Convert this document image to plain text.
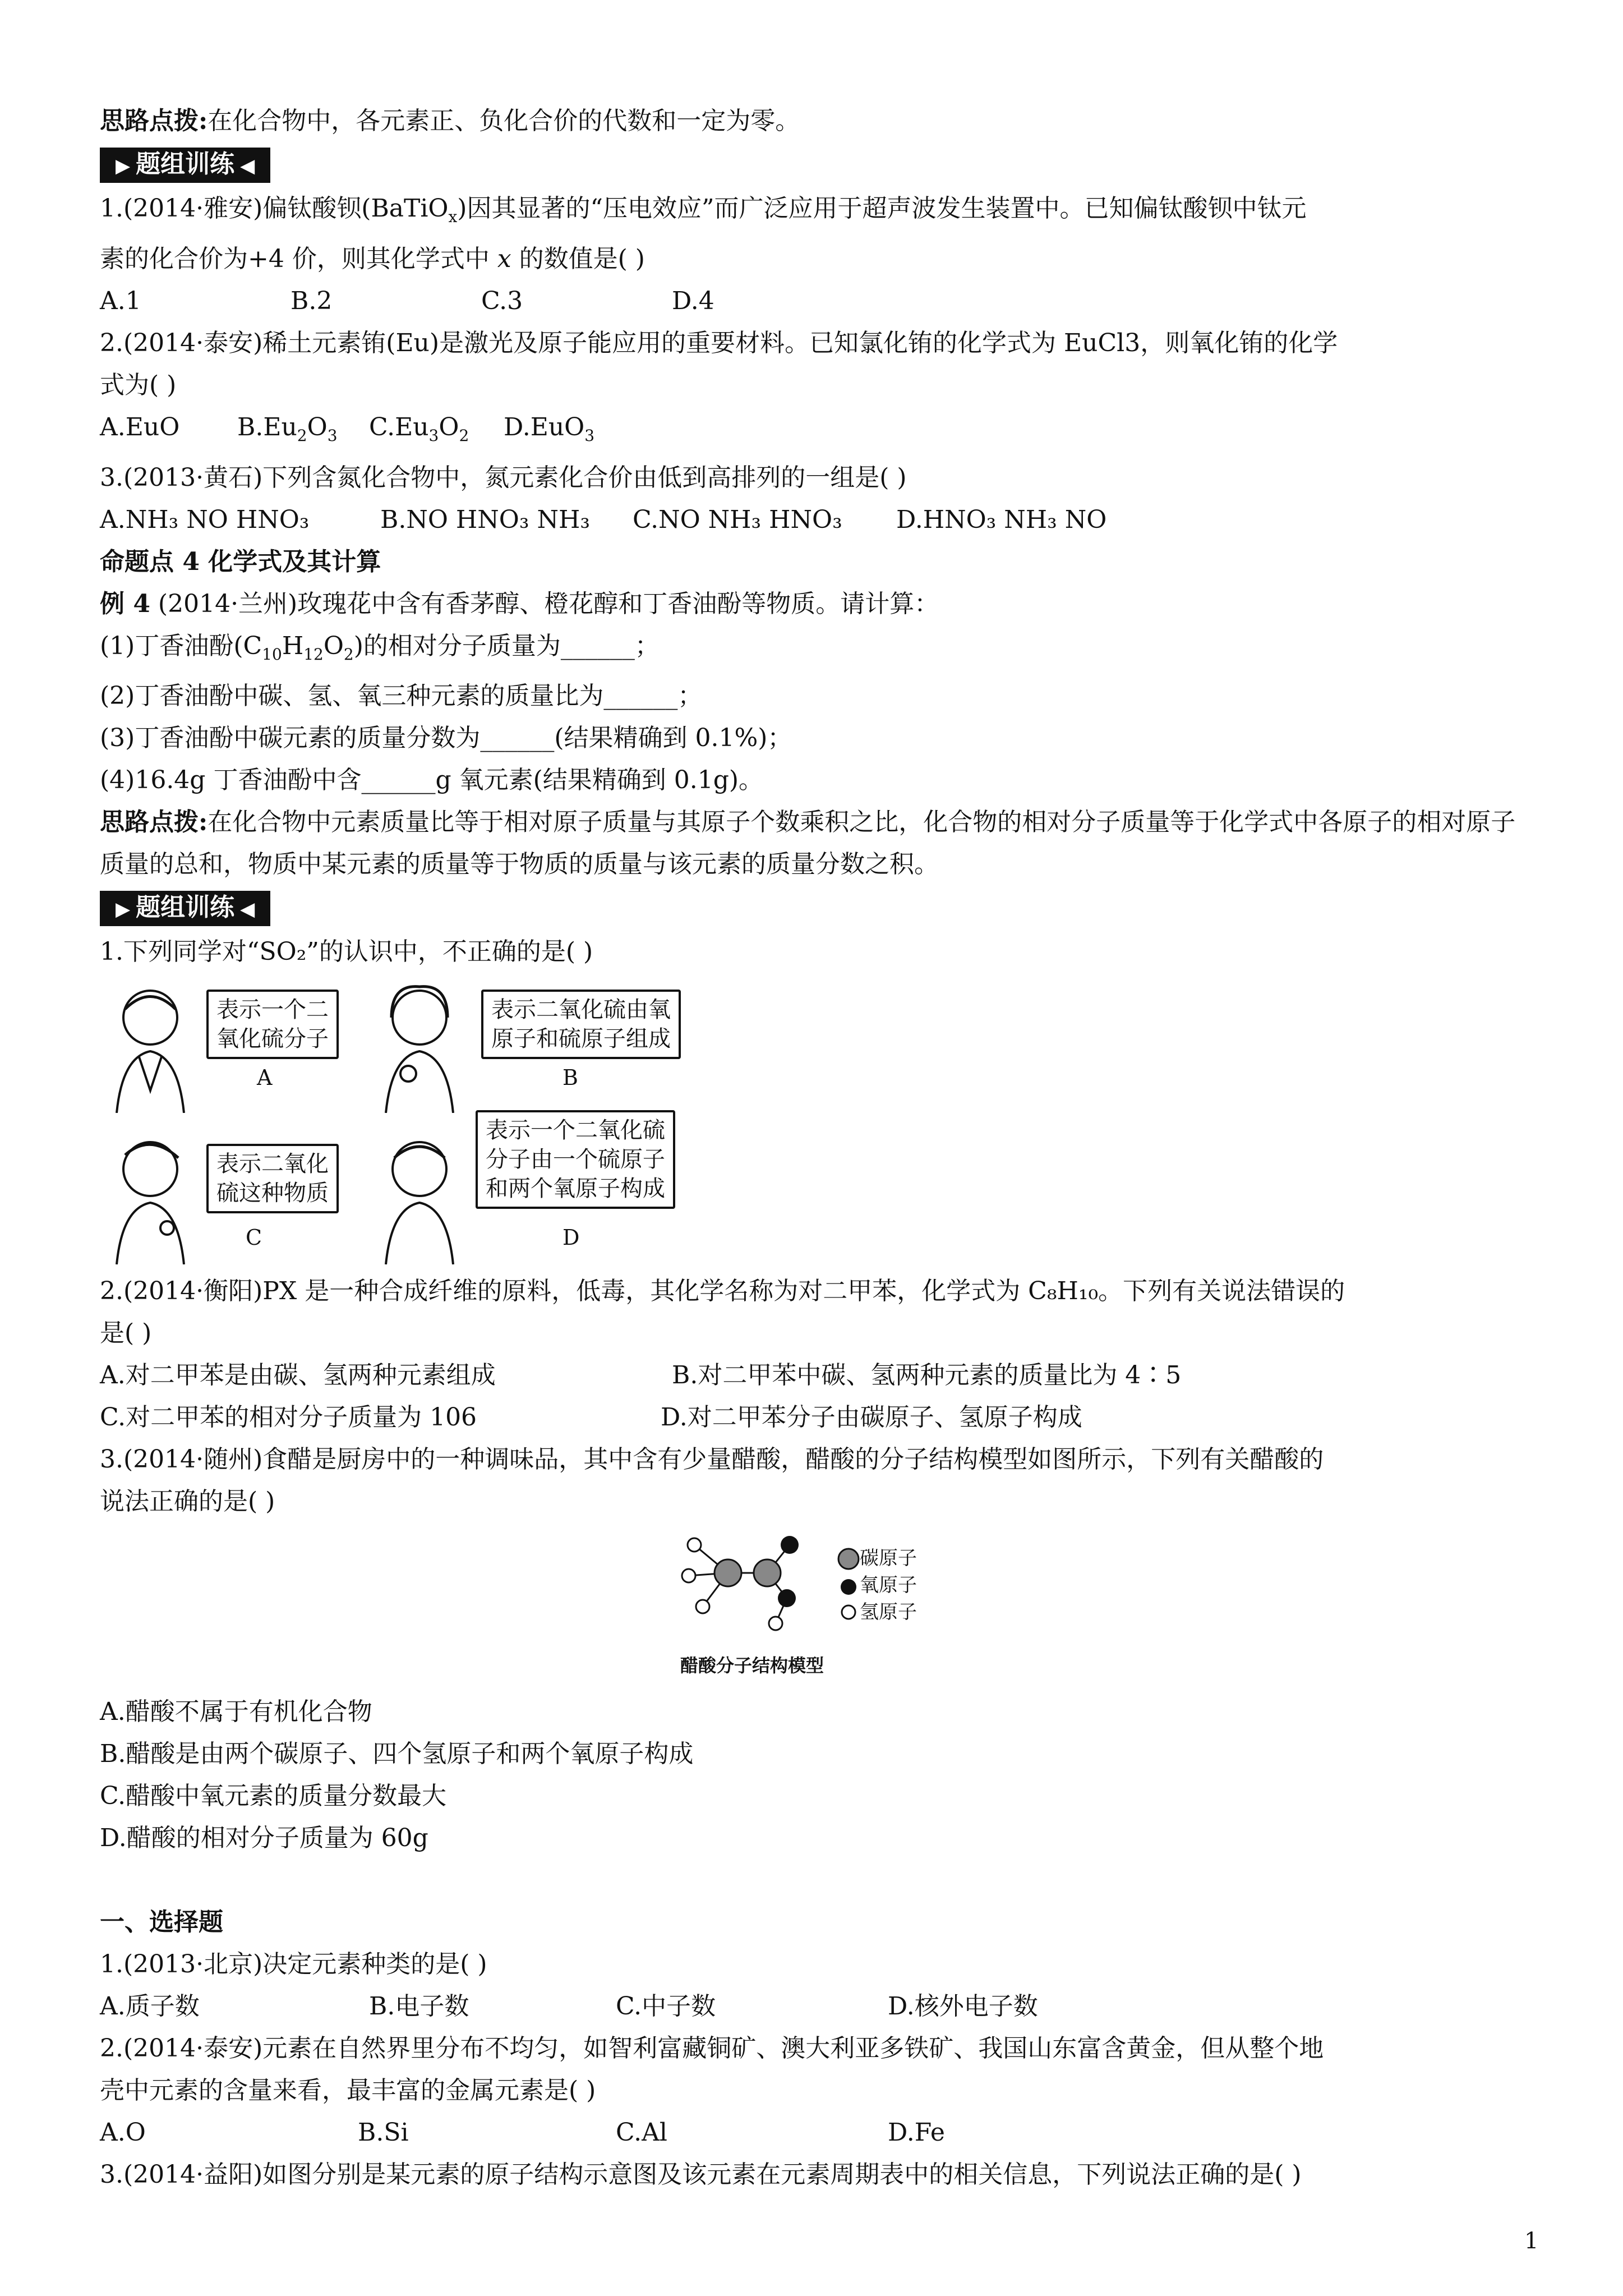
思路点拨:在化合物中，各元素正、负化合价的代数和一定为零。
▶ 题组训练 ◀
1.(2014·雅安)偏钛酸钡(BaTiO$_x$)因其显著的“压电效应”而广泛应用于超声波发生装置中。已知偏钛酸钡中钛元
素的化合价为+4 价，则其化学式中 x 的数值是( )
A.1	B.2	C.3	D.4
2.(2014·泰安)稀土元素铕(Eu)是激光及原子能应用的重要材料。已知氯化铕的化学式为 EuCl3，则氧化铕的化学
式为( )
A.EuO	$B.Eu_2O_3$	$C.Eu_3O_2$	D.EuO$_3$
3.(2013·黄石)下列含氮化合物中，氮元素化合价由低到高排列的一组是( )
A.NH₃ NO HNO₃	B.NO HNO₃ NH₃	C.NO NH₃ HNO₃	D.HNO₃ NH₃ NO
命题点 4 化学式及其计算
例 4 (2014·兰州)玫瑰花中含有香茅醇、橙花醇和丁香油酚等物质。请计算：
(1)丁香油酚$(C_{10}H_{12}O_2)$的相对分子质量为______；
(2)丁香油酚中碳、氢、氧三种元素的质量比为______；
(3)丁香油酚中碳元素的质量分数为______(结果精确到 0.1%)；
(4)16.4g 丁香油酚中含______g 氧元素(结果精确到 0.1g)。
思路点拨:在化合物中元素质量比等于相对原子质量与其原子个数乘积之比，化合物的相对分子质量等于化学式中各原子的相对原子质量的总和，物质中某元素的质量等于物质的质量与该元素的质量分数之积。
▶ 题组训练 ◀
1.下列同学对“SO₂”的认识中，不正确的是( )
表示一个二
氧化硫分子
A
表示二氧化硫由氧
原子和硫原子组成
B
表示二氧化
硫这种物质
C
表示一个二氧化硫
分子由一个硫原子
和两个氧原子构成
D
2.(2014·衡阳)PX 是一种合成纤维的原料，低毒，其化学名称为对二甲苯，化学式为 C₈H₁₀。下列有关说法错误的
是( )
A.对二甲苯是由碳、氢两种元素组成	B.对二甲苯中碳、氢两种元素的质量比为 4∶5
C.对二甲苯的相对分子质量为 106	D.对二甲苯分子由碳原子、氢原子构成
3.(2014·随州)食醋是厨房中的一种调味品，其中含有少量醋酸，醋酸的分子结构模型如图所示，下列有关醋酸的
说法正确的是( )
碳原子
氧原子
氢原子
醋酸分子结构模型
A.醋酸不属于有机化合物
B.醋酸是由两个碳原子、四个氢原子和两个氧原子构成
C.醋酸中氧元素的质量分数最大
D.醋酸的相对分子质量为 60g
一、选择题
1.(2013·北京)决定元素种类的是( )
A.质子数	B.电子数	C.中子数	D.核外电子数
2.(2014·泰安)元素在自然界里分布不均匀，如智利富藏铜矿、澳大利亚多铁矿、我国山东富含黄金，但从整个地
壳中元素的含量来看，最丰富的金属元素是( )
A.O	B.Si	C.Al	D.Fe
3.(2014·益阳)如图分别是某元素的原子结构示意图及该元素在元素周期表中的相关信息，下列说法正确的是( )
1
